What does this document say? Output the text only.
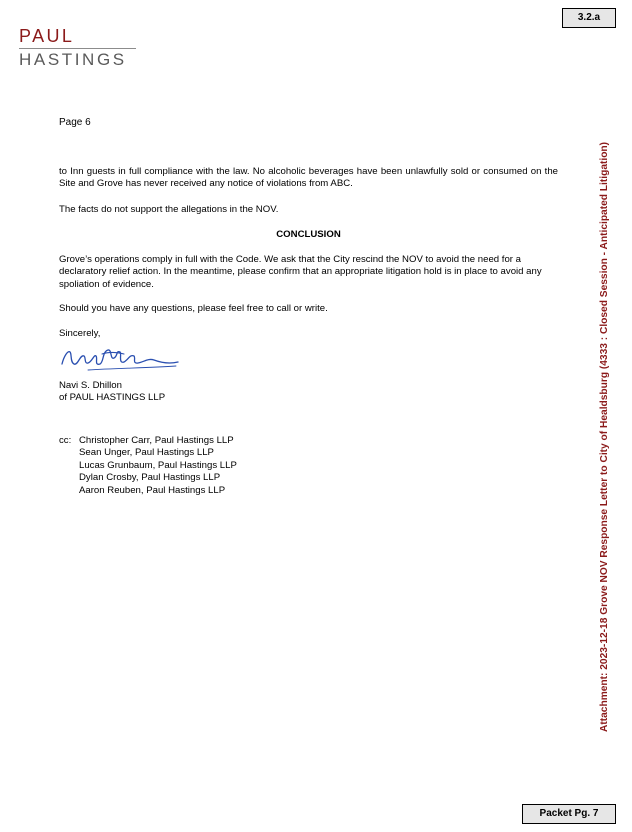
3.2.a
PAUL
HASTINGS
Page 6

to Inn guests in full compliance with the law. No alcoholic beverages have been unlawfully sold or consumed on the Site and Grove has never received any notice of violations from ABC.

The facts do not support the allegations in the NOV.

CONCLUSION

Grove’s operations comply in full with the Code. We ask that the City rescind the NOV to avoid the need for a declaratory relief action. In the meantime, please confirm that an appropriate litigation hold is in place to avoid any spoliation of evidence.

Should you have any questions, please feel free to call or write.

Sincerely,

Navi S. Dhillon
of PAUL HASTINGS LLP
cc: Christopher Carr, Paul Hastings LLP
Sean Unger, Paul Hastings LLP
Lucas Grunbaum, Paul Hastings LLP
Dylan Crosby, Paul Hastings LLP
Aaron Reuben, Paul Hastings LLP	Attachment: 2023-12-18 Grove NOV Response Letter to City of Healdsburg (4333 : Closed Session - Anticipated Litigation)
Packet Pg. 7
